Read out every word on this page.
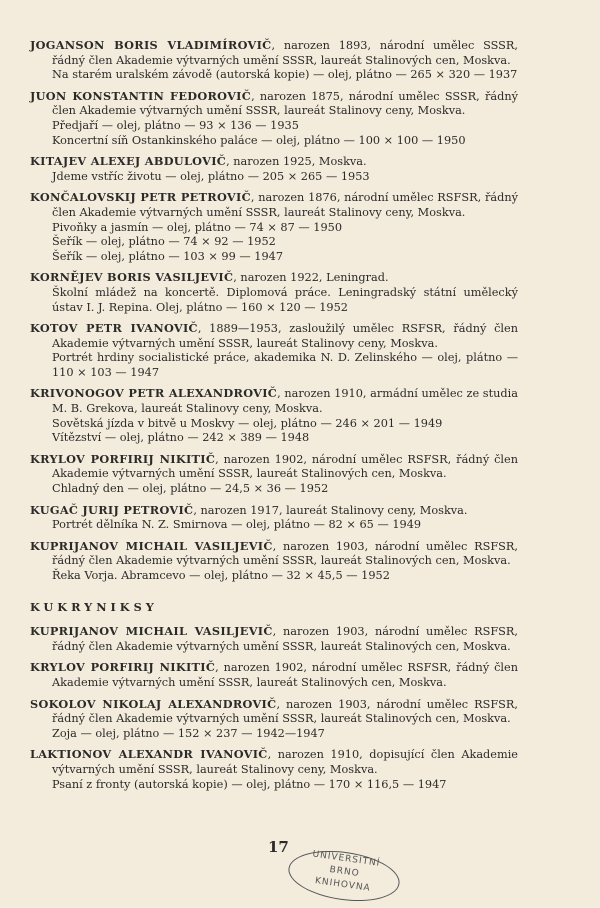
JOGANSON BORIS VLADIMÍROVIČ, narozen 1893, národní umělec SSSR, řádný člen Akademie výtvarných umění SSSR, laureát Stalinových cen, Moskva.
Na starém uralském závodě (autorská kopie) — olej, plátno — 265 × 320 — 1937
JUON KONSTANTIN FEDOROVIČ, narozen 1875, národní umělec SSSR, řádný člen Akademie výtvarných umění SSSR, laureát Stalinovy ceny, Moskva.
Předjaří — olej, plátno — 93 × 136 — 1935
Koncertní síň Ostankinského paláce — olej, plátno — 100 × 100 — 1950
KITAJEV ALEXEJ ABDULOVIČ, narozen 1925, Moskva.
Jdeme vstříc životu — olej, plátno — 205 × 265 — 1953
KONČALOVSKIJ PETR PETROVIČ, narozen 1876, národní umělec RSFSR, řádný člen Akademie výtvarných umění SSSR, laureát Stalinovy ceny, Moskva.
Pivoňky a jasmín — olej, plátno — 74 × 87 — 1950
Šeřík — olej, plátno — 74 × 92 — 1952
Šeřík — olej, plátno — 103 × 99 — 1947
KORNĚJEV BORIS VASILJEVIČ, narozen 1922, Leningrad.
Školní mládež na koncertě. Diplomová práce. Leningradský státní umělecký ústav I. J. Repina. Olej, plátno — 160 × 120 — 1952
KOTOV PETR IVANOVIČ, 1889—1953, zasloužilý umělec RSFSR, řádný člen Akademie výtvarných umění SSSR, laureát Stalinovy ceny, Moskva.
Portrét hrdiny socialistické práce, akademika N. D. Zelinského — olej, plátno — 110 × 103 — 1947
KRIVONOGOV PETR ALEXANDROVIČ, narozen 1910, armádní umělec ze studia M. B. Grekova, laureát Stalinovy ceny, Moskva.
Sovětská jízda v bitvě u Moskvy — olej, plátno — 246 × 201 — 1949
Vítězství — olej, plátno — 242 × 389 — 1948
KRYLOV PORFIRIJ NIKITIČ, narozen 1902, národní umělec RSFSR, řádný člen Akademie výtvarných umění SSSR, laureát Stalinových cen, Moskva.
Chladný den — olej, plátno — 24,5 × 36 — 1952
KUGAČ JURIJ PETROVIČ, narozen 1917, laureát Stalinovy ceny, Moskva.
Portrét dělníka N. Z. Smirnova — olej, plátno — 82 × 65 — 1949
KUPRIJANOV MICHAIL VASILJEVIČ, narozen 1903, národní umělec RSFSR, řádný člen Akademie výtvarných umění SSSR, laureát Stalinových cen, Moskva.
Řeka Vorja. Abramcevo — olej, plátno — 32 × 45,5 — 1952
KUKRYNIKSY
KUPRIJANOV MICHAIL VASILJEVIČ, narozen 1903, národní umělec RSFSR, řádný člen Akademie výtvarných umění SSSR, laureát Stalinových cen, Moskva.
KRYLOV PORFIRIJ NIKITIČ, narozen 1902, národní umělec RSFSR, řádný člen Akademie výtvarných umění SSSR, laureát Stalinových cen, Moskva.
SOKOLOV NIKOLAJ ALEXANDROVIČ, narozen 1903, národní umělec RSFSR, řádný člen Akademie výtvarných umění SSSR, laureát Stalinových cen, Moskva.
Zoja — olej, plátno — 152 × 237 — 1942—1947
LAKTIONOV ALEXANDR IVANOVIČ, narozen 1910, dopisující člen Akademie výtvarných umění SSSR, laureát Stalinovy ceny, Moskva.
Psaní z fronty (autorská kopie) — olej, plátno — 170 × 116,5 — 1947
17
UNIVERSITNÍ
BRNO
KNIHOVNA
